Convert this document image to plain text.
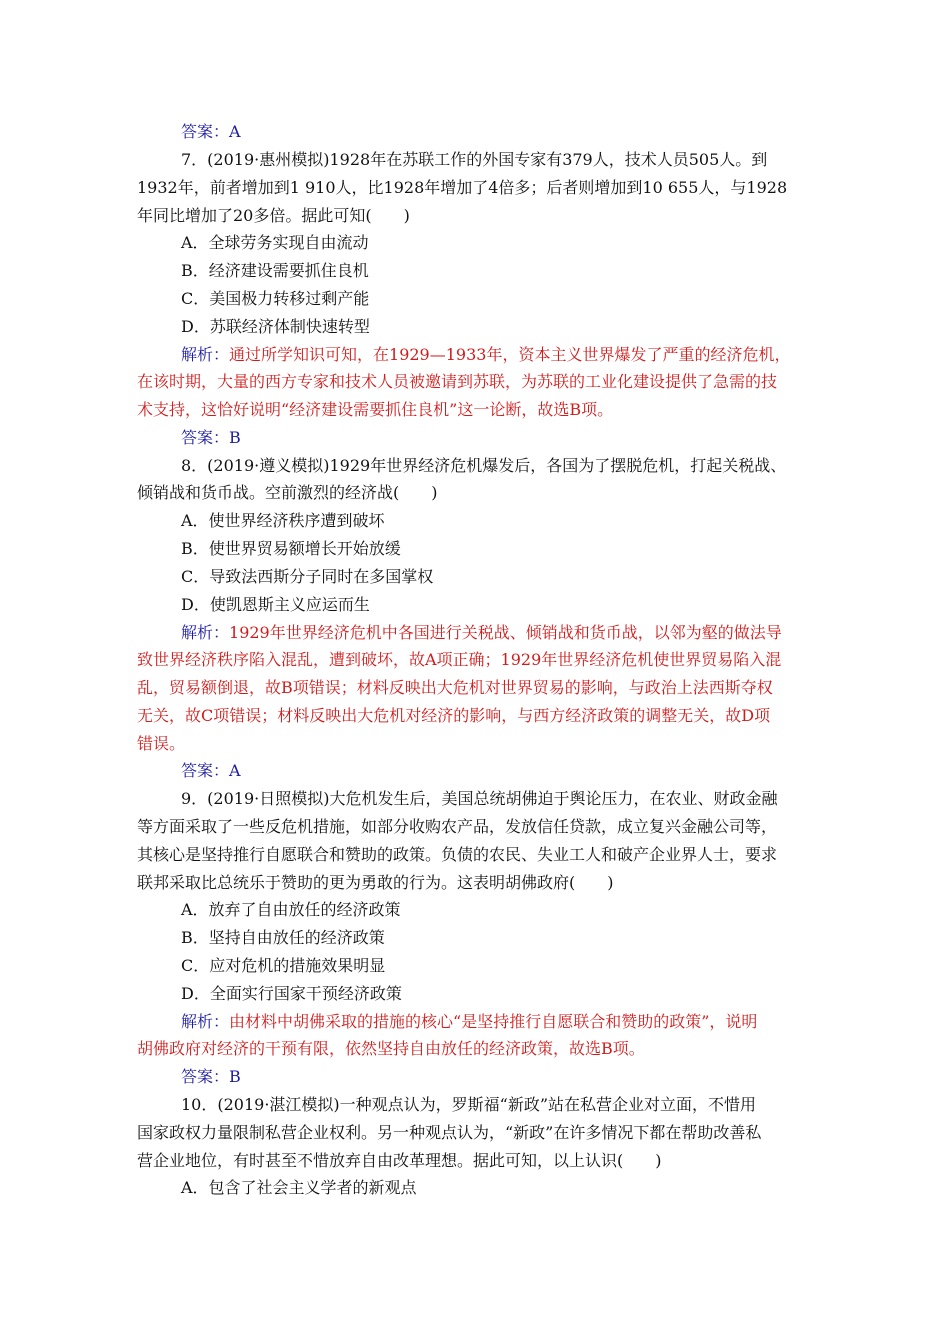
答案：A
7．(2019·惠州模拟)1928年在苏联工作的外国专家有379人，技术人员505人。到
1932年，前者增加到1 910人，比1928年增加了4倍多；后者则增加到10 655人，与1928
年同比增加了20多倍。据此可知(　　)
A．全球劳务实现自由流动
B．经济建设需要抓住良机
C．美国极力转移过剩产能
D．苏联经济体制快速转型
解析：通过所学知识可知，在1929—1933年，资本主义世界爆发了严重的经济危机，
在该时期，大量的西方专家和技术人员被邀请到苏联，为苏联的工业化建设提供了急需的技
术支持，这恰好说明“经济建设需要抓住良机”这一论断，故选B项。
答案：B
8．(2019·遵义模拟)1929年世界经济危机爆发后，各国为了摆脱危机，打起关税战、
倾销战和货币战。空前激烈的经济战(　　)
A．使世界经济秩序遭到破坏
B．使世界贸易额增长开始放缓
C．导致法西斯分子同时在多国掌权
D．使凯恩斯主义应运而生
解析：1929年世界经济危机中各国进行关税战、倾销战和货币战，以邻为壑的做法导
致世界经济秩序陷入混乱，遭到破坏，故A项正确；1929年世界经济危机使世界贸易陷入混
乱，贸易额倒退，故B项错误；材料反映出大危机对世界贸易的影响，与政治上法西斯夺权
无关，故C项错误；材料反映出大危机对经济的影响，与西方经济政策的调整无关，故D项
错误。
答案：A
9．(2019·日照模拟)大危机发生后，美国总统胡佛迫于舆论压力，在农业、财政金融
等方面采取了一些反危机措施，如部分收购农产品，发放信任贷款，成立复兴金融公司等，
其核心是坚持推行自愿联合和赞助的政策。负债的农民、失业工人和破产企业界人士，要求
联邦采取比总统乐于赞助的更为勇敢的行为。这表明胡佛政府(　　)
A．放弃了自由放任的经济政策
B．坚持自由放任的经济政策
C．应对危机的措施效果明显
D．全面实行国家干预经济政策
解析：由材料中胡佛采取的措施的核心“是坚持推行自愿联合和赞助的政策”，说明
胡佛政府对经济的干预有限，依然坚持自由放任的经济政策，故选B项。
答案：B
10．(2019·湛江模拟)一种观点认为，罗斯福“新政”站在私营企业对立面，不惜用
国家政权力量限制私营企业权利。另一种观点认为，“新政”在许多情况下都在帮助改善私
营企业地位，有时甚至不惜放弃自由改革理想。据此可知，以上认识(　　)
A．包含了社会主义学者的新观点
